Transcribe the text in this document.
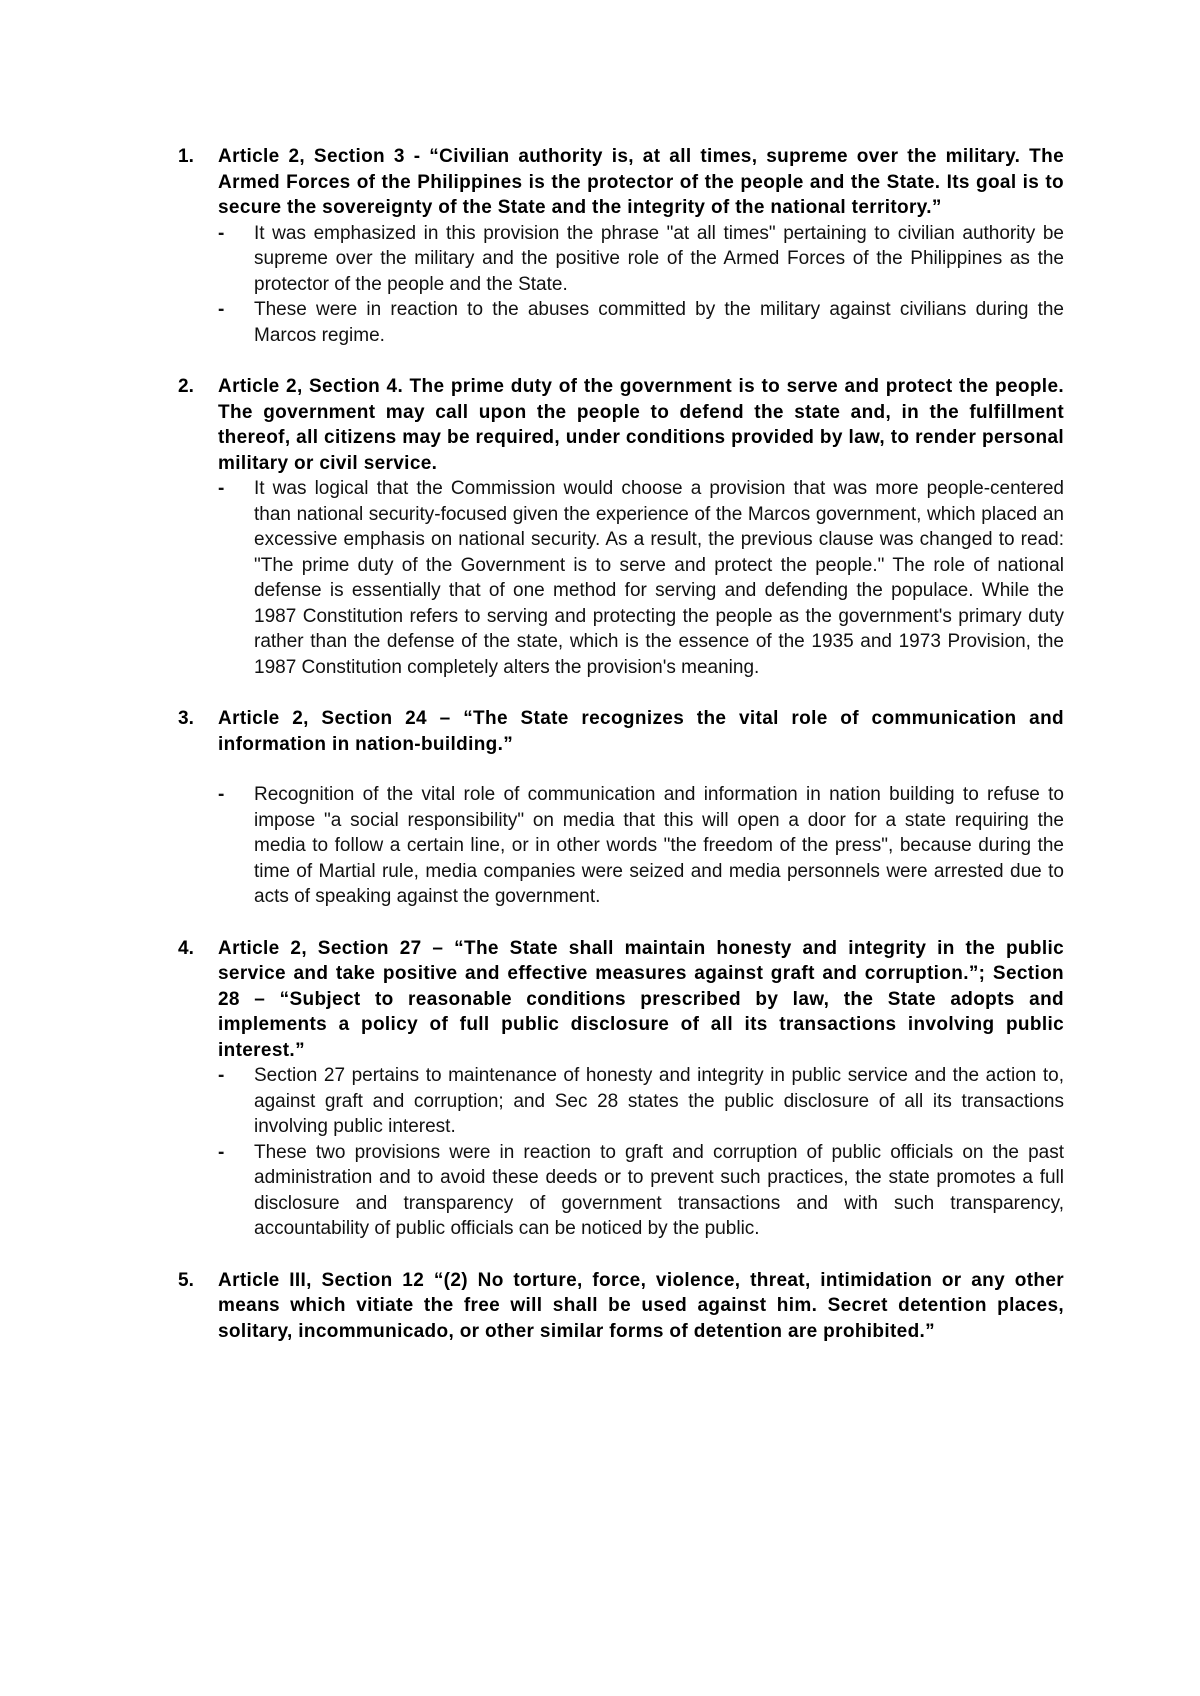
1. Article 2, Section 3 - “Civilian authority is, at all times, supreme over the military. The Armed Forces of the Philippines is the protector of the people and the State. Its goal is to secure the sovereignty of the State and the integrity of the national territory.”
- It was emphasized in this provision the phrase "at all times" pertaining to civilian authority be supreme over the military and the positive role of the Armed Forces of the Philippines as the protector of the people and the State.
- These were in reaction to the abuses committed by the military against civilians during the Marcos regime.
2. Article 2, Section 4. The prime duty of the government is to serve and protect the people. The government may call upon the people to defend the state and, in the fulfillment thereof, all citizens may be required, under conditions provided by law, to render personal military or civil service.
- It was logical that the Commission would choose a provision that was more people-centered than national security-focused given the experience of the Marcos government, which placed an excessive emphasis on national security. As a result, the previous clause was changed to read: "The prime duty of the Government is to serve and protect the people." The role of national defense is essentially that of one method for serving and defending the populace. While the 1987 Constitution refers to serving and protecting the people as the government's primary duty rather than the defense of the state, which is the essence of the 1935 and 1973 Provision, the 1987 Constitution completely alters the provision's meaning.
3. Article 2, Section 24 – “The State recognizes the vital role of communication and information in nation-building.”
- Recognition of the vital role of communication and information in nation building to refuse to impose "a social responsibility" on media that this will open a door for a state requiring the media to follow a certain line, or in other words "the freedom of the press", because during the time of Martial rule, media companies were seized and media personnels were arrested due to acts of speaking against the government.
4. Article 2, Section 27 – “The State shall maintain honesty and integrity in the public service and take positive and effective measures against graft and corruption.”; Section 28 – “Subject to reasonable conditions prescribed by law, the State adopts and implements a policy of full public disclosure of all its transactions involving public interest.”
- Section 27 pertains to maintenance of honesty and integrity in public service and the action to, against graft and corruption; and Sec 28 states the public disclosure of all its transactions involving public interest.
- These two provisions were in reaction to graft and corruption of public officials on the past administration and to avoid these deeds or to prevent such practices, the state promotes a full disclosure and transparency of government transactions and with such transparency, accountability of public officials can be noticed by the public.
5. Article III, Section 12 “(2) No torture, force, violence, threat, intimidation or any other means which vitiate the free will shall be used against him. Secret detention places, solitary, incommunicado, or other similar forms of detention are prohibited.”
